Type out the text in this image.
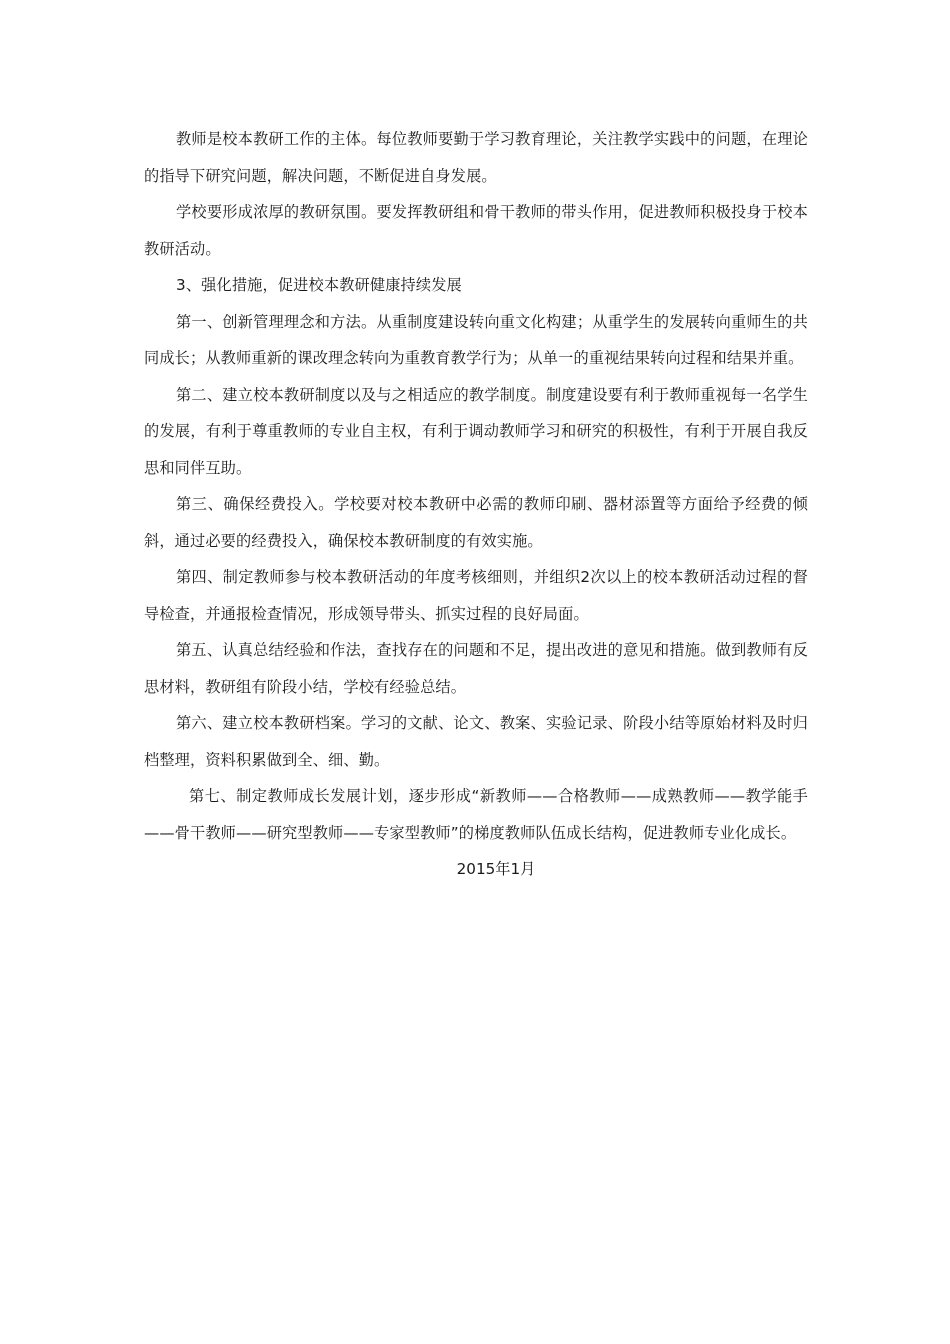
教师是校本教研工作的主体。每位教师要勤于学习教育理论，关注教学实践中的问题，在理论的指导下研究问题，解决问题，不断促进自身发展。

学校要形成浓厚的教研氛围。要发挥教研组和骨干教师的带头作用，促进教师积极投身于校本教研活动。

3、强化措施，促进校本教研健康持续发展

第一、创新管理理念和方法。从重制度建设转向重文化构建；从重学生的发展转向重师生的共同成长；从教师重新的课改理念转向为重教育教学行为；从单一的重视结果转向过程和结果并重。

第二、建立校本教研制度以及与之相适应的教学制度。制度建设要有利于教师重视每一名学生的发展，有利于尊重教师的专业自主权，有利于调动教师学习和研究的积极性，有利于开展自我反思和同伴互助。

第三、确保经费投入。学校要对校本教研中必需的教师印刷、器材添置等方面给予经费的倾斜，通过必要的经费投入，确保校本教研制度的有效实施。

第四、制定教师参与校本教研活动的年度考核细则，并组织2次以上的校本教研活动过程的督导检查，并通报检查情况，形成领导带头、抓实过程的良好局面。

第五、认真总结经验和作法，查找存在的问题和不足，提出改进的意见和措施。做到教师有反思材料，教研组有阶段小结，学校有经验总结。

第六、建立校本教研档案。学习的文献、论文、教案、实验记录、阶段小结等原始材料及时归档整理，资料积累做到全、细、勤。

第七、制定教师成长发展计划，逐步形成“新教师——合格教师——成熟教师——教学能手——骨干教师——研究型教师——专家型教师”的梯度教师队伍成长结构，促进教师专业化成长。

2015年1月
